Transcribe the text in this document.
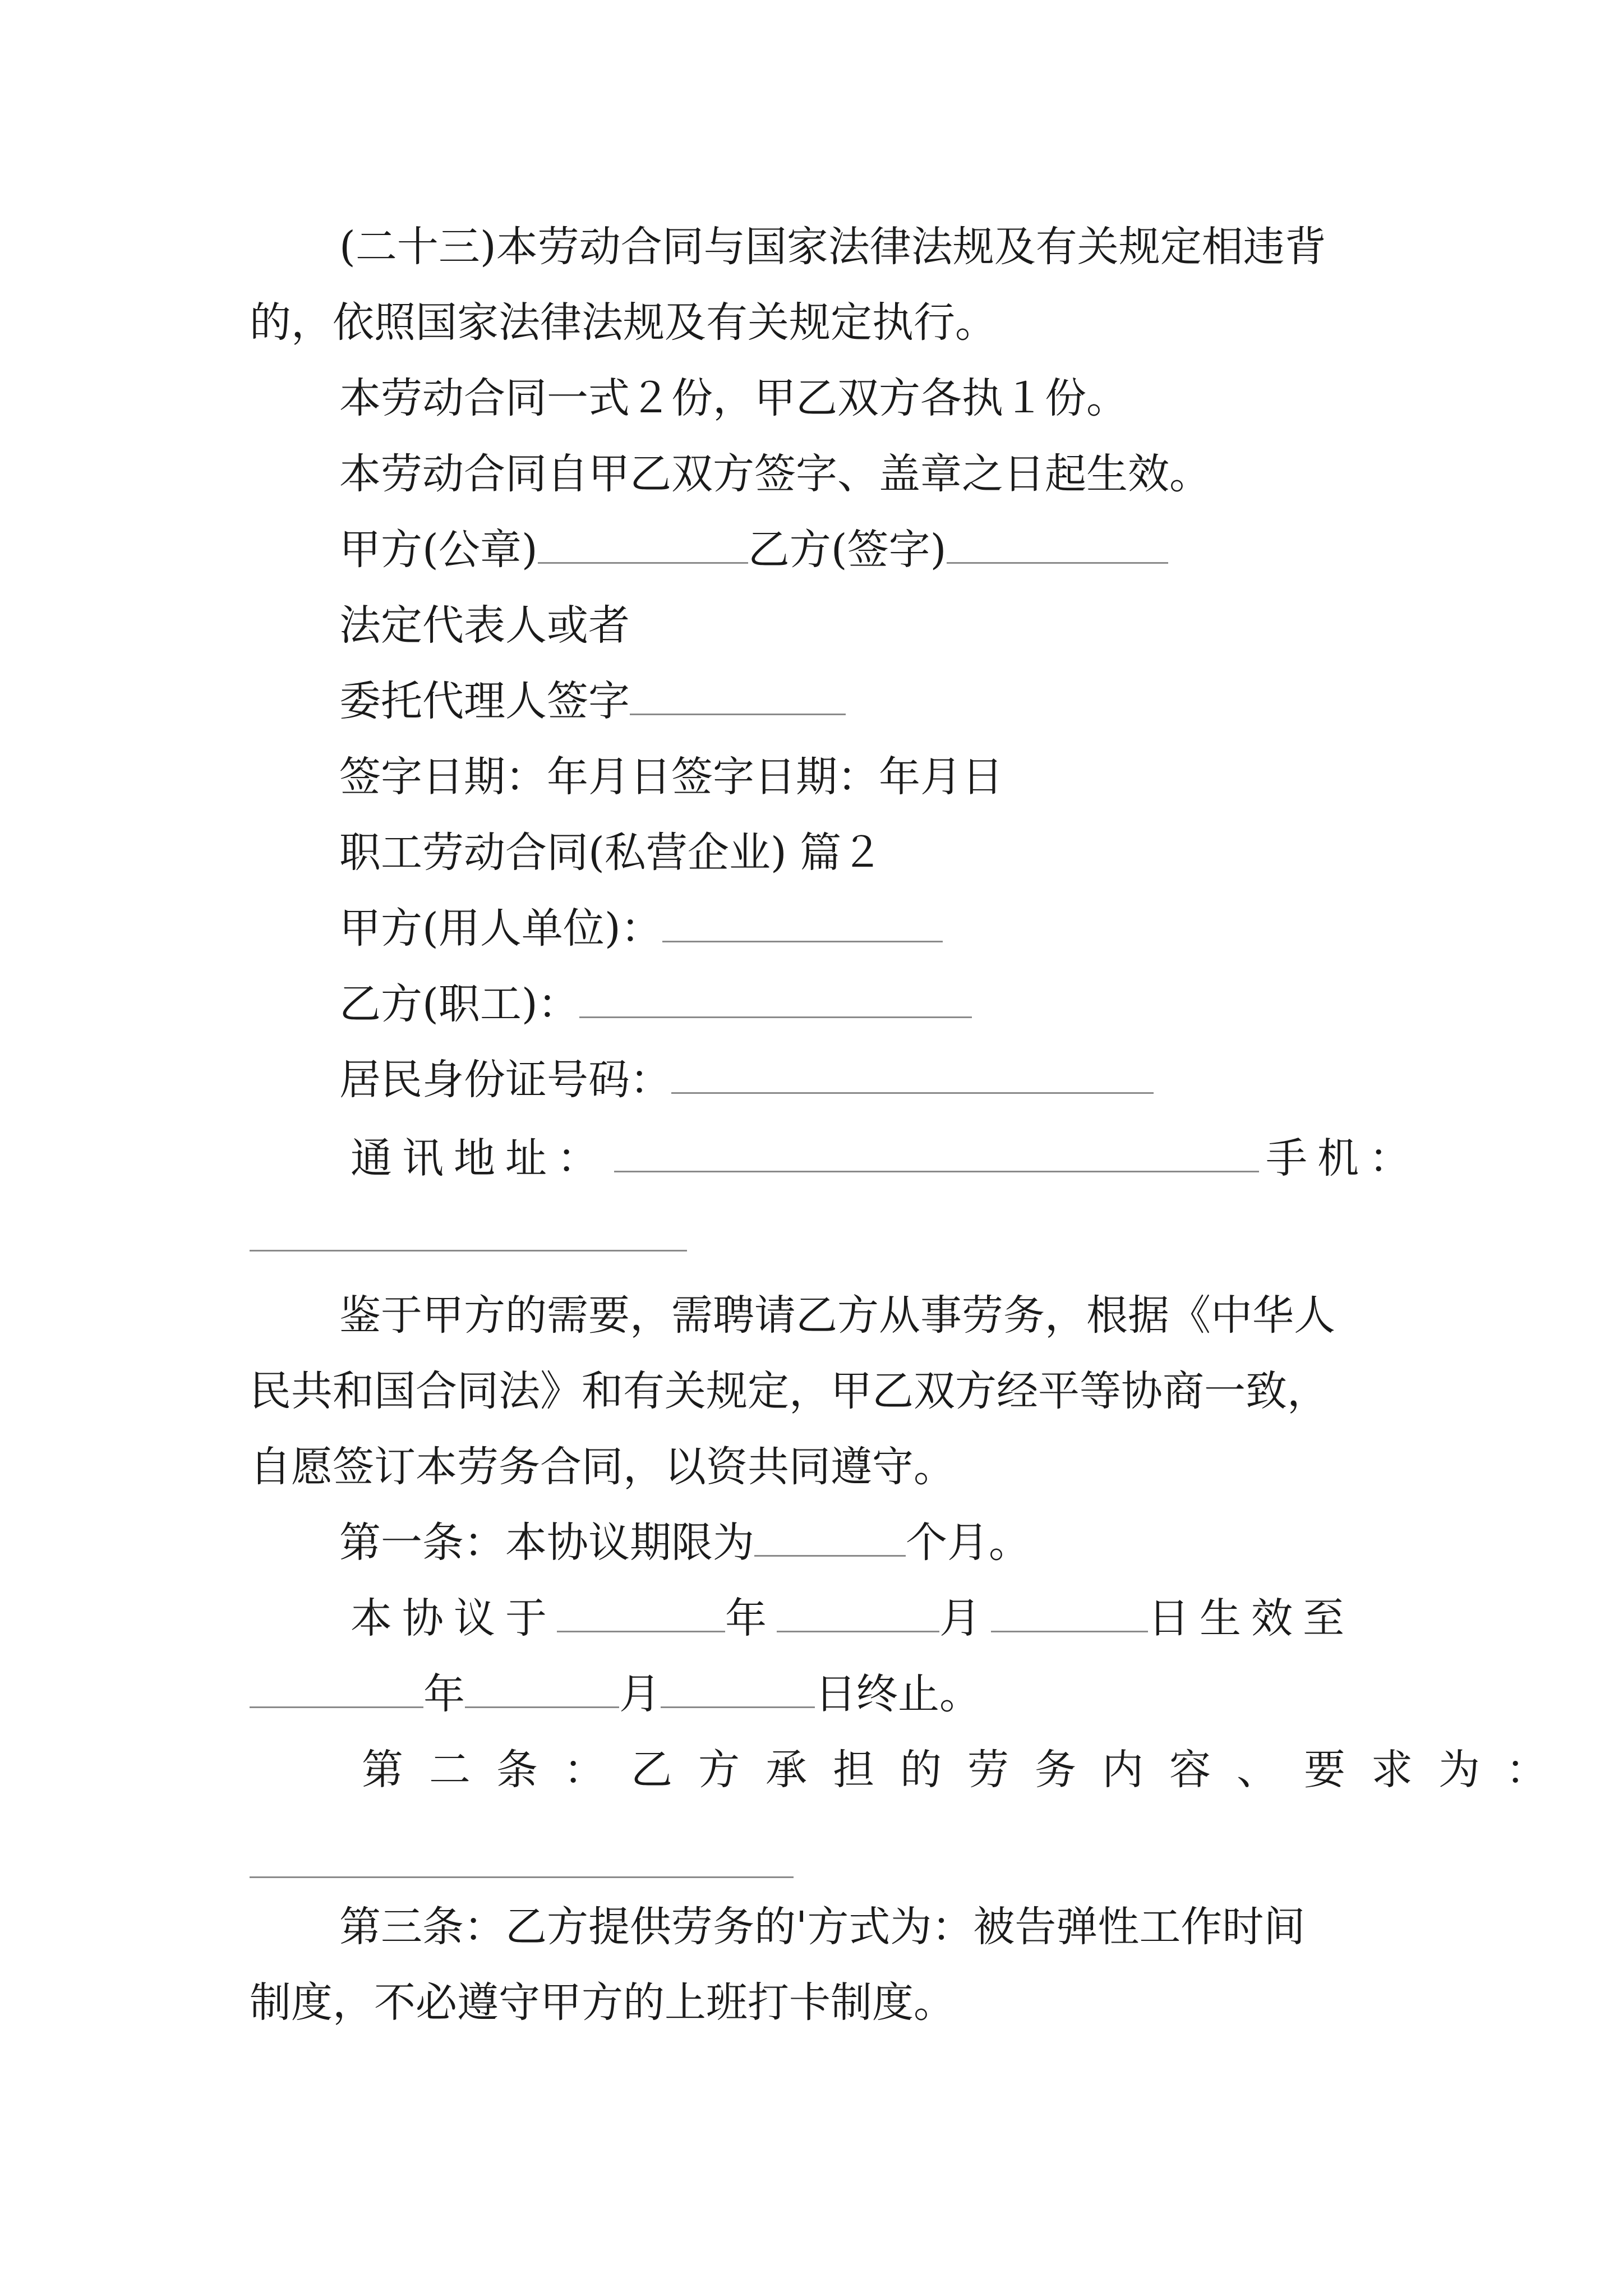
(二十三)本劳动合同与国家法律法规及有关规定相违背
的，依照国家法律法规及有关规定执行。
本劳动合同一式２份，甲乙双方各执１份。
本劳动合同自甲乙双方签字、盖章之日起生效。
甲方(公章)	乙方(签字)
法定代表人或者
委托代理人签字
签字日期：年月日签字日期：年月日
职工劳动合同(私营企业) 篇２
甲方(用人单位)：
乙方(职工)：
居民身份证号码：
通讯地址：	手机：
鉴于甲方的需要，需聘请乙方从事劳务，根据《中华人
民共和国合同法》和有关规定，甲乙双方经平等协商一致，
自愿签订本劳务合同，以资共同遵守。
第一条：本协议期限为	个月。
本协议于	年	月	日生效至
年	月	日终止。
第二条：乙方承担的劳务内容、要求为：
第三条：乙方提供劳务的'方式为：被告弹性工作时间
制度，不必遵守甲方的上班打卡制度。
